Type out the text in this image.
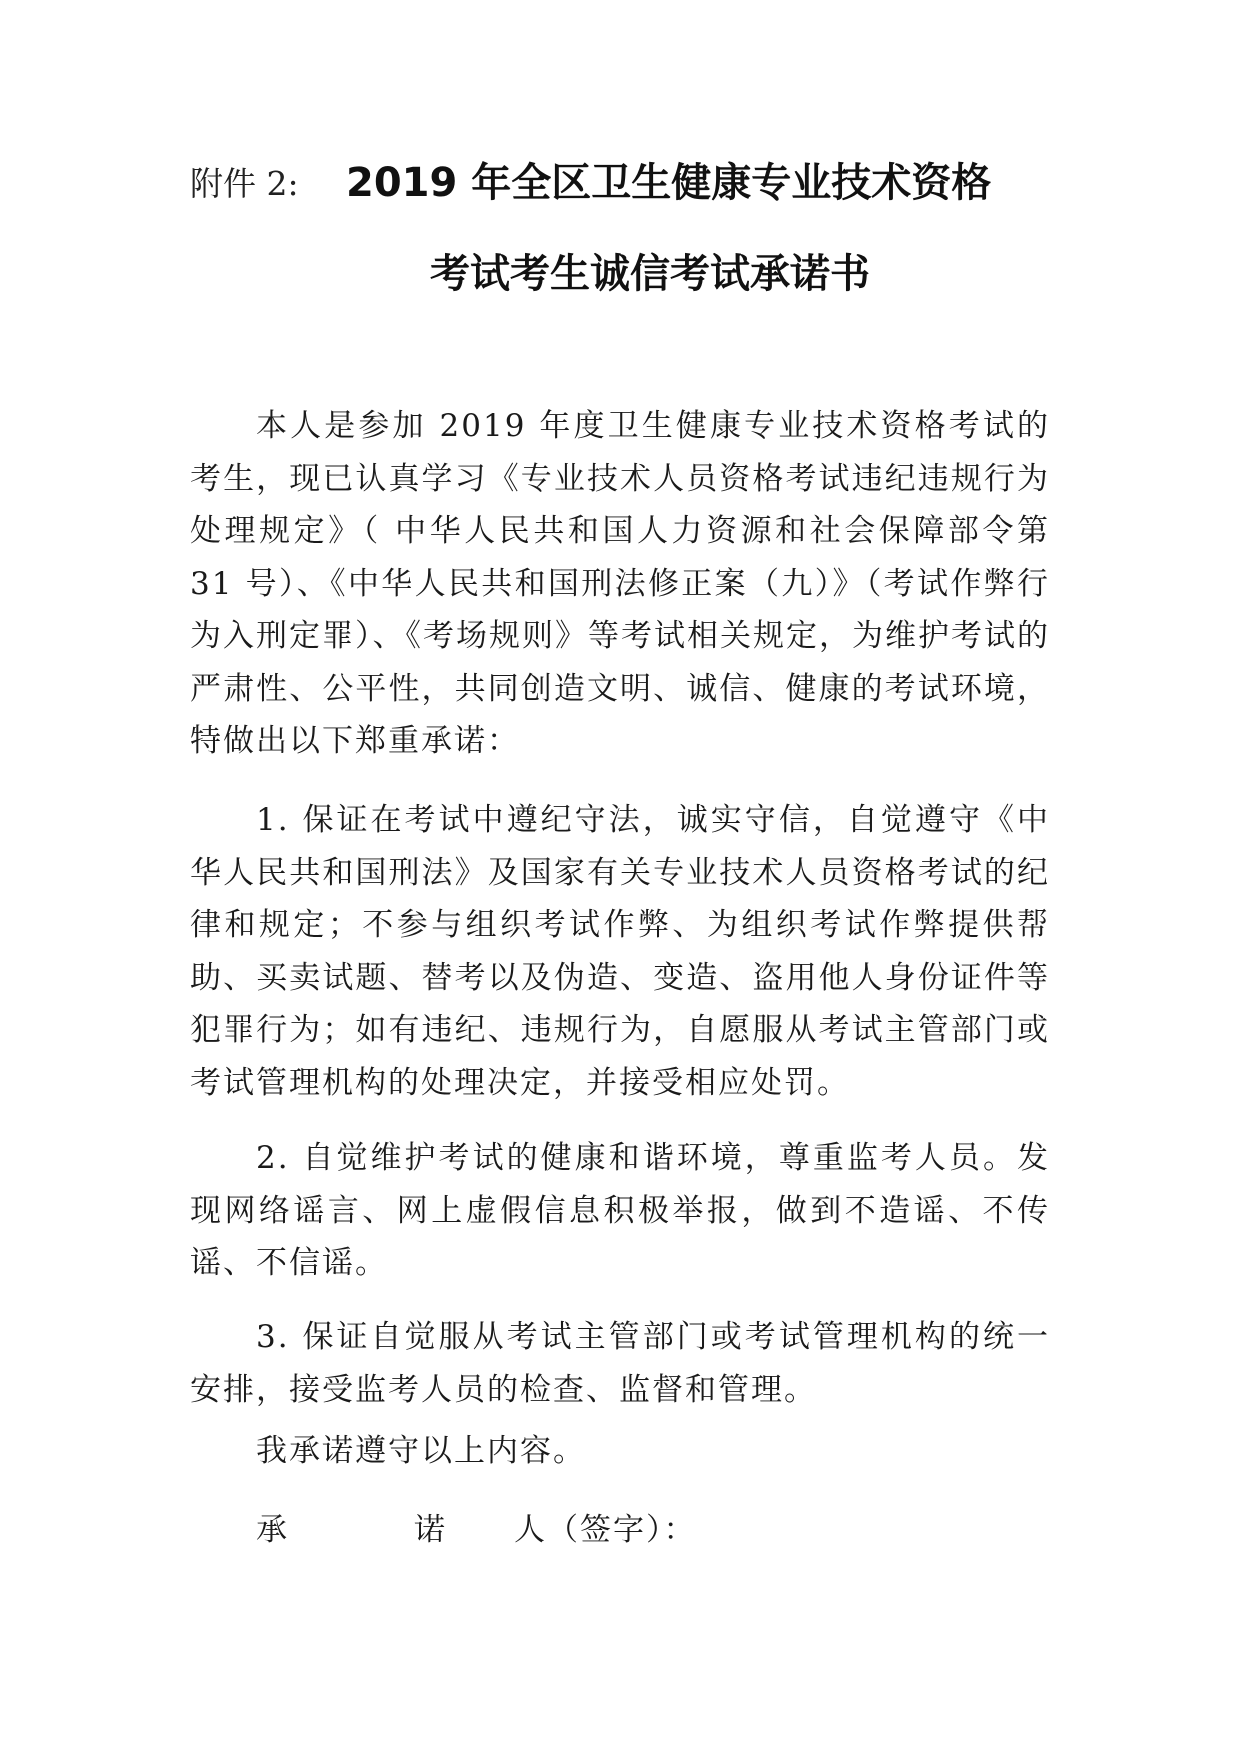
附件 2: 2019 年全区卫生健康专业技术资格
考试考生诚信考试承诺书

本人是参加 2019 年度卫生健康专业技术资格考试的考生，现已认真学习《专业技术人员资格考试违纪违规行为处理规定》（ 中华人民共和国人力资源和社会保障部令第 31 号）、《中华人民共和国刑法修正案（九）》（考试作弊行为入刑定罪）、《考场规则》等考试相关规定，为维护考试的严肃性、公平性，共同创造文明、诚信、健康的考试环境，特做出以下郑重承诺：

1. 保证在考试中遵纪守法，诚实守信，自觉遵守《中华人民共和国刑法》及国家有关专业技术人员资格考试的纪律和规定；不参与组织考试作弊、为组织考试作弊提供帮助、买卖试题、替考以及伪造、变造、盗用他人身份证件等犯罪行为；如有违纪、违规行为，自愿服从考试主管部门或考试管理机构的处理决定，并接受相应处罚。

2. 自觉维护考试的健康和谐环境，尊重监考人员。发现网络谣言、网上虚假信息积极举报，做到不造谣、不传谣、不信谣。

3. 保证自觉服从考试主管部门或考试管理机构的统一安排，接受监考人员的检查、监督和管理。

我承诺遵守以上内容。

承	诺 人（签字）：
